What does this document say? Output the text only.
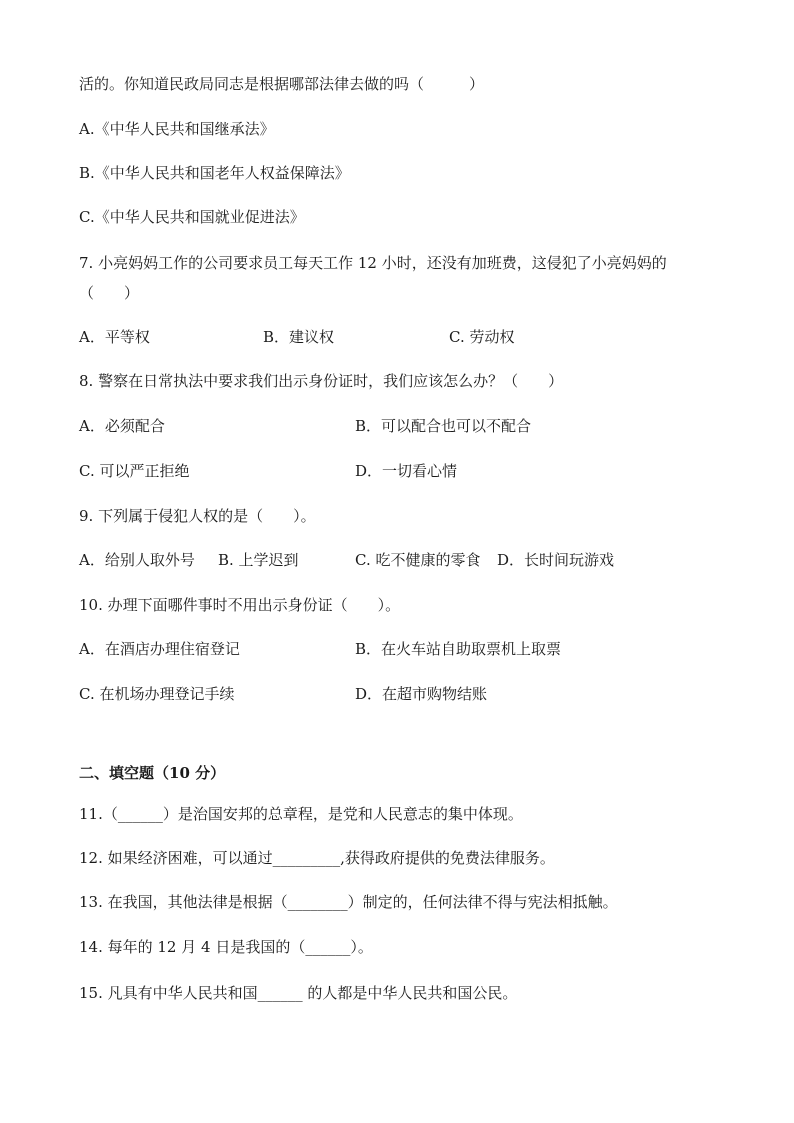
活的。你知道民政局同志是根据哪部法律去做的吗（　　　）
A.《中华人民共和国继承法》
B.《中华人民共和国老年人权益保障法》
C.《中华人民共和国就业促进法》
7. 小亮妈妈工作的公司要求员工每天工作 12 小时，还没有加班费，这侵犯了小亮妈妈的
（　　）
A．平等权	B．建议权	C. 劳动权
8. 警察在日常执法中要求我们出示身份证时，我们应该怎么办？（　　）
A．必须配合	B．可以配合也可以不配合
C. 可以严正拒绝	D．一切看心情
9. 下列属于侵犯人权的是（　　）。
A．给别人取外号 B. 上学迟到	C. 吃不健康的零食 D．长时间玩游戏
10. 办理下面哪件事时不用出示身份证（　　）。
A．在酒店办理住宿登记	B．在火车站自助取票机上取票
C. 在机场办理登记手续	D．在超市购物结账
二、填空题（10 分）
11.（______）是治国安邦的总章程，是党和人民意志的集中体现。
12. 如果经济困难，可以通过_________,获得政府提供的免费法律服务。
13. 在我国，其他法律是根据（________）制定的，任何法律不得与宪法相抵触。
14. 每年的 12 月 4 日是我国的（______）。
15. 凡具有中华人民共和国______ 的人都是中华人民共和国公民。
